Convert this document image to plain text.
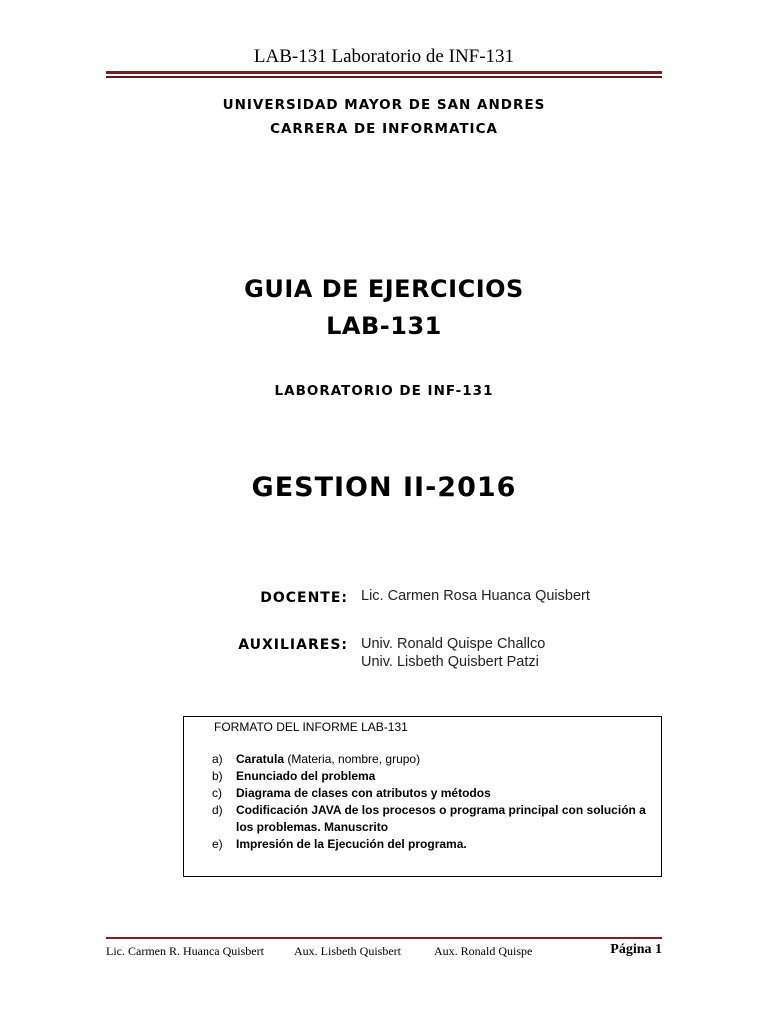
LAB-131 Laboratorio de INF-131
UNIVERSIDAD MAYOR DE SAN ANDRES
CARRERA DE INFORMATICA
GUIA DE EJERCICIOS
LAB-131
LABORATORIO DE INF-131
GESTION II-2016
DOCENTE: Lic. Carmen Rosa Huanca Quisbert
AUXILIARES: Univ. Ronald Quispe Challco
Univ. Lisbeth Quisbert Patzi
FORMATO DEL INFORME LAB-131
a) Caratula (Materia, nombre, grupo)
b) Enunciado del problema
c) Diagrama de clases con atributos y métodos
d) Codificación JAVA de los procesos o programa principal con solución a los problemas. Manuscrito
e) Impresión de la Ejecución del programa.
Lic. Carmen R. Huanca Quisbert	Aux. Lisbeth Quisbert	Aux. Ronald Quispe	Página 1
